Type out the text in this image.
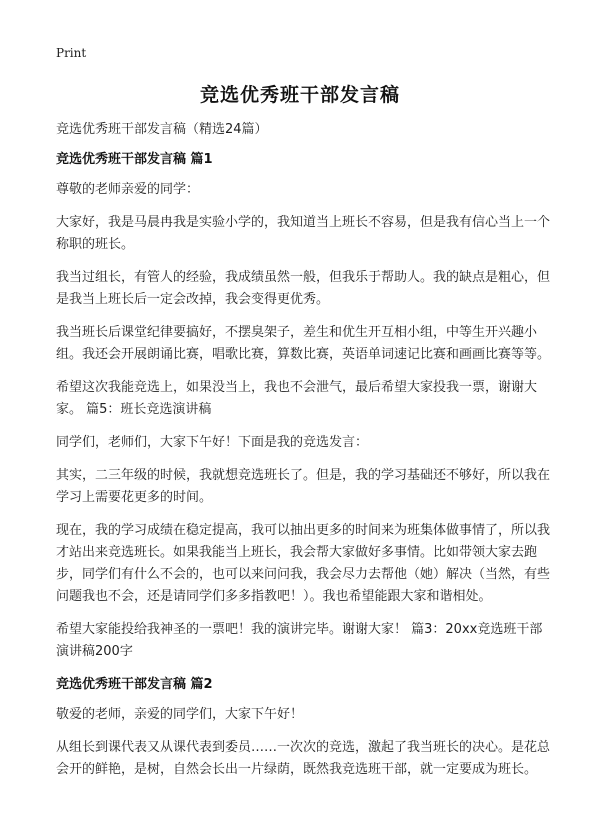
Print
竞选优秀班干部发言稿

竞选优秀班干部发言稿（精选24篇）

竞选优秀班干部发言稿 篇1

尊敬的老师亲爱的同学：

大家好，我是马晨冉我是实验小学的，我知道当上班长不容易，但是我有信心当上一个称职的班长。

我当过组长，有管人的经验，我成绩虽然一般，但我乐于帮助人。我的缺点是粗心，但是我当上班长后一定会改掉，我会变得更优秀。

我当班长后课堂纪律要搞好，不摆臭架子，差生和优生开互相小组，中等生开兴趣小组。我还会开展朗诵比赛，唱歌比赛，算数比赛，英语单词速记比赛和画画比赛等等。

希望这次我能竞选上，如果没当上，我也不会泄气，最后希望大家投我一票，谢谢大家。 篇5：班长竞选演讲稿

同学们，老师们，大家下午好！下面是我的竞选发言：

其实，二三年级的时候，我就想竞选班长了。但是，我的学习基础还不够好，所以我在学习上需要花更多的时间。

现在，我的学习成绩在稳定提高，我可以抽出更多的时间来为班集体做事情了，所以我才站出来竞选班长。如果我能当上班长，我会帮大家做好多事情。比如带领大家去跑步，同学们有什么不会的，也可以来问问我，我会尽力去帮他（她）解决（当然，有些问题我也不会，还是请同学们多多指教吧！）。我也希望能跟大家和谐相处。

希望大家能投给我神圣的一票吧！我的演讲完毕。谢谢大家！ 篇3：20xx竞选班干部演讲稿200字

竞选优秀班干部发言稿 篇2

敬爱的老师，亲爱的同学们，大家下午好！

从组长到课代表又从课代表到委员……一次次的竞选，激起了我当班长的决心。是花总会开的鲜艳，是树，自然会长出一片绿荫，既然我竞选班干部，就一定要成为班长。
